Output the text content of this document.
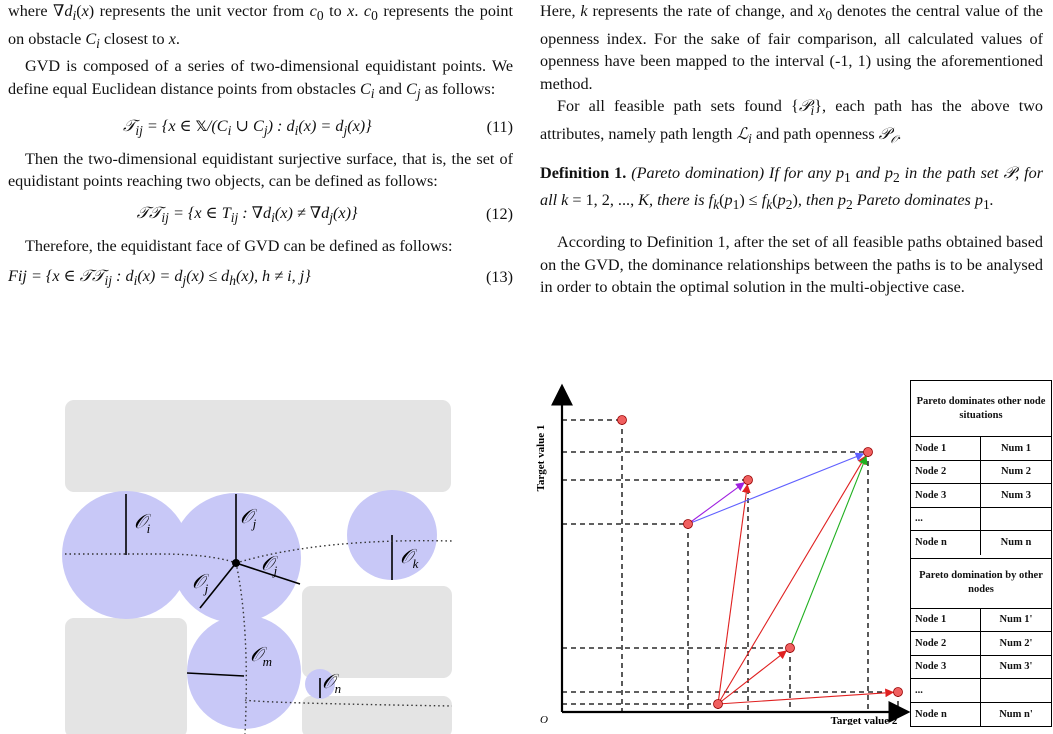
where $\nabla d_i(x)$ represents the unit vector from $c_0$ to x. $c_0$ represents the point on obstacle $C_i$ closest to x.

GVD is composed of a series of two-dimensional equidistant points. We define equal Euclidean distance points from obstacles $C_i$ and $C_j$ as follows:

𝒯$_{ij}$ = {x ∈ $𝕏/(C_i$ ∪ $C_j$) : $d_i(x) = d_j(x)$}	(11)

Then the two-dimensional equidistant surjective surface, that is, the set of equidistant points reaching two objects, can be defined as follows:

𝒯𝒯$_{ij}$ = {x ∈ $T_{ij}$ : $\nabla d_i(x) \ne \nabla d_j(x)$}	(12)

Therefore, the equidistant face of GVD can be defined as follows:

Fij = {x ∈ 𝒯𝒯$_{ij}$ : $d_i(x) = d_j(x) \le d_h(x)$, h ≠ i, j}	(13)
𝒪$_i$
𝒪$_j$
𝒪$_j$
𝒪$_j$
𝒪$_k$
𝒪$_m$
𝒪$_n$

Here, k represents the rate of change, and $x_0$ denotes the central value of the openness index. For the sake of fair comparison, all calculated values of openness have been mapped to the interval (-1, 1) using the aforementioned method.

For all feasible path sets found {𝒫$_i$}, each path has the above two attributes, namely path length ℒ$_i$ and path openness 𝒫$_𝒪$.

Definition 1. (Pareto domination) If for any $p_1$ and $p_2$ in the path set 𝒫, for all k = 1, 2, ..., K, there is $f_k(p_1) \le f_k(p_2)$, then $p_2$ Pareto dominates $p_1$.

According to Definition 1, after the set of all feasible paths obtained based on the GVD, the dominance relationships between the paths is to be analysed in order to obtain the optimal solution in the multi-objective case.

Target value 1
Target value 2
O
Pareto dominates other node situations
Node 1	Num 1
Node 2	Num 2
Node 3	Num 3
...
Node n	Num n
Pareto domination by other nodes
Node 1	Num 1'
Node 2	Num 2'
Node 3	Num 3'
...
Node n	Num n'
